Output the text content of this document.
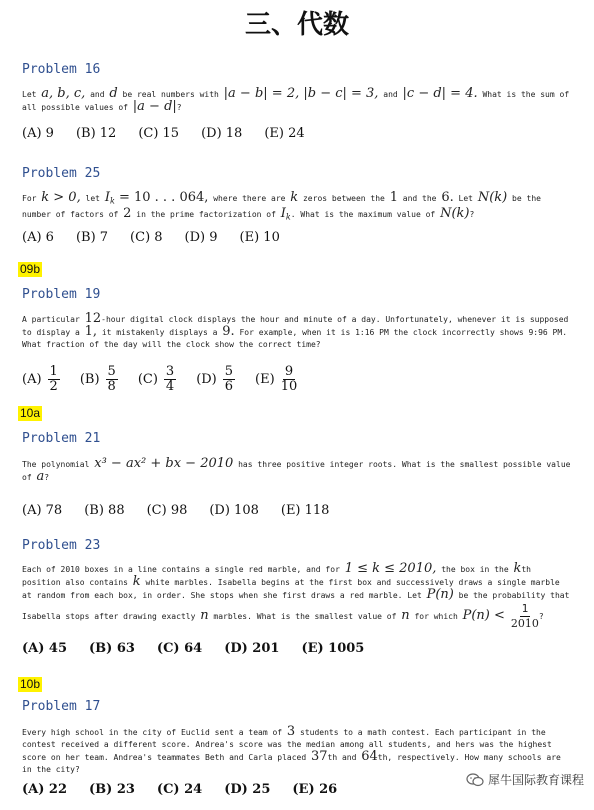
三、代数
Problem 16
Let a, b, c, and d be real numbers with |a − b| = 2, |b − c| = 3, and |c − d| = 4. What is the sum of all possible values of |a − d|?
(A) 9 (B) 12 (C) 15 (D) 18 (E) 24
Problem 25
For k > 0, let $I_k = 10$ . . . 064, where there are k zeros between the 1 and the 6. Let N(k) be the number of factors of 2 in the prime factorization of $I_k$. What is the maximum value of N(k)?
(A) 6 (B) 7 (C) 8 (D) 9 (E) 10
09b
Problem 19
A particular 12-hour digital clock displays the hour and minute of a day. Unfortunately, whenever it is supposed to display a 1, it mistakenly displays a 9. For example, when it is 1:16 PM the clock incorrectly shows 9:96 PM. What fraction of the day will the clock show the correct time?
$(A) \frac{1}{2} (B) \frac{5}{8} (C) \frac{3}{4} (D) \frac{5}{6} (E) \frac{9}{10}$
10a
Problem 21
The polynomial x³ − ax² + bx − 2010 has three positive integer roots. What is the smallest possible value of a?
(A) 78 (B) 88 (C) 98 (D) 108 (E) 118
Problem 23
Each of 2010 boxes in a line contains a single red marble, and for 1 ≤ k ≤ 2010, the box in the kth position also contains k white marbles. Isabella begins at the first box and successively draws a single marble at random from each box, in order. She stops when she first draws a red marble. Let P(n) be the probability that Isabella stops after drawing exactly n marbles. What is the smallest value of n for which $P(n) < \frac{1}{2010}$ ?
(A) 45 (B) 63 (C) 64 (D) 201 (E) 1005
10b
Problem 17
Every high school in the city of Euclid sent a team of 3 students to a math contest. Each participant in the contest received a different score. Andrea's score was the median among all students, and hers was the highest score on her team. Andrea's teammates Beth and Carla placed 37th and 64th, respectively. How many schools are in the city?
(A) 22 (B) 23 (C) 24 (D) 25 (E) 26
犀牛国际教育课程
